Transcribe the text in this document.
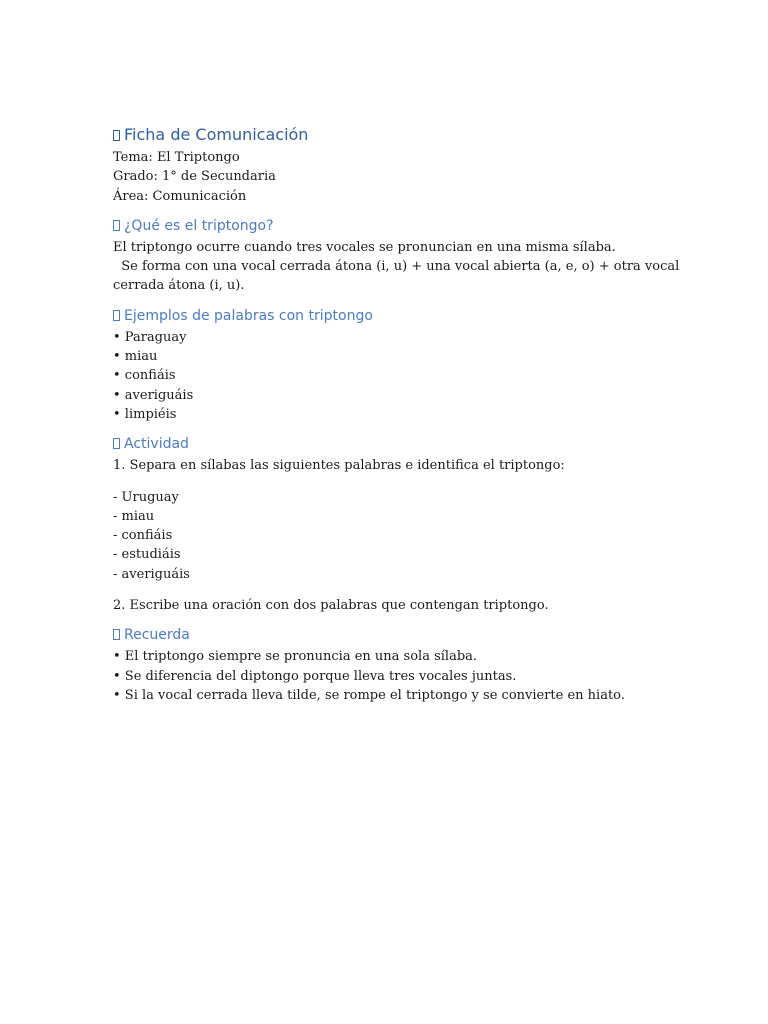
Ficha de Comunicación

Tema: El Triptongo

Grado: 1° de Secundaria

Área: Comunicación

¿Qué es el triptongo?

El triptongo ocurre cuando tres vocales se pronuncian en una misma sílaba.

Se forma con una vocal cerrada átona (i, u) + una vocal abierta (a, e, o) + otra vocal cerrada átona (i, u).

Ejemplos de palabras con triptongo
• Paraguay
• miau
• confiáis
• averiguáis
• limpiéis
Actividad

1. Separa en sílabas las siguientes palabras e identifica el triptongo:

- Uruguay
- miau
- confiáis
- estudiáis
- averiguáis

2. Escribe una oración con dos palabras que contengan triptongo.

Recuerda
• El triptongo siempre se pronuncia en una sola sílaba.
• Se diferencia del diptongo porque lleva tres vocales juntas.
• Si la vocal cerrada lleva tilde, se rompe el triptongo y se convierte en hiato.
